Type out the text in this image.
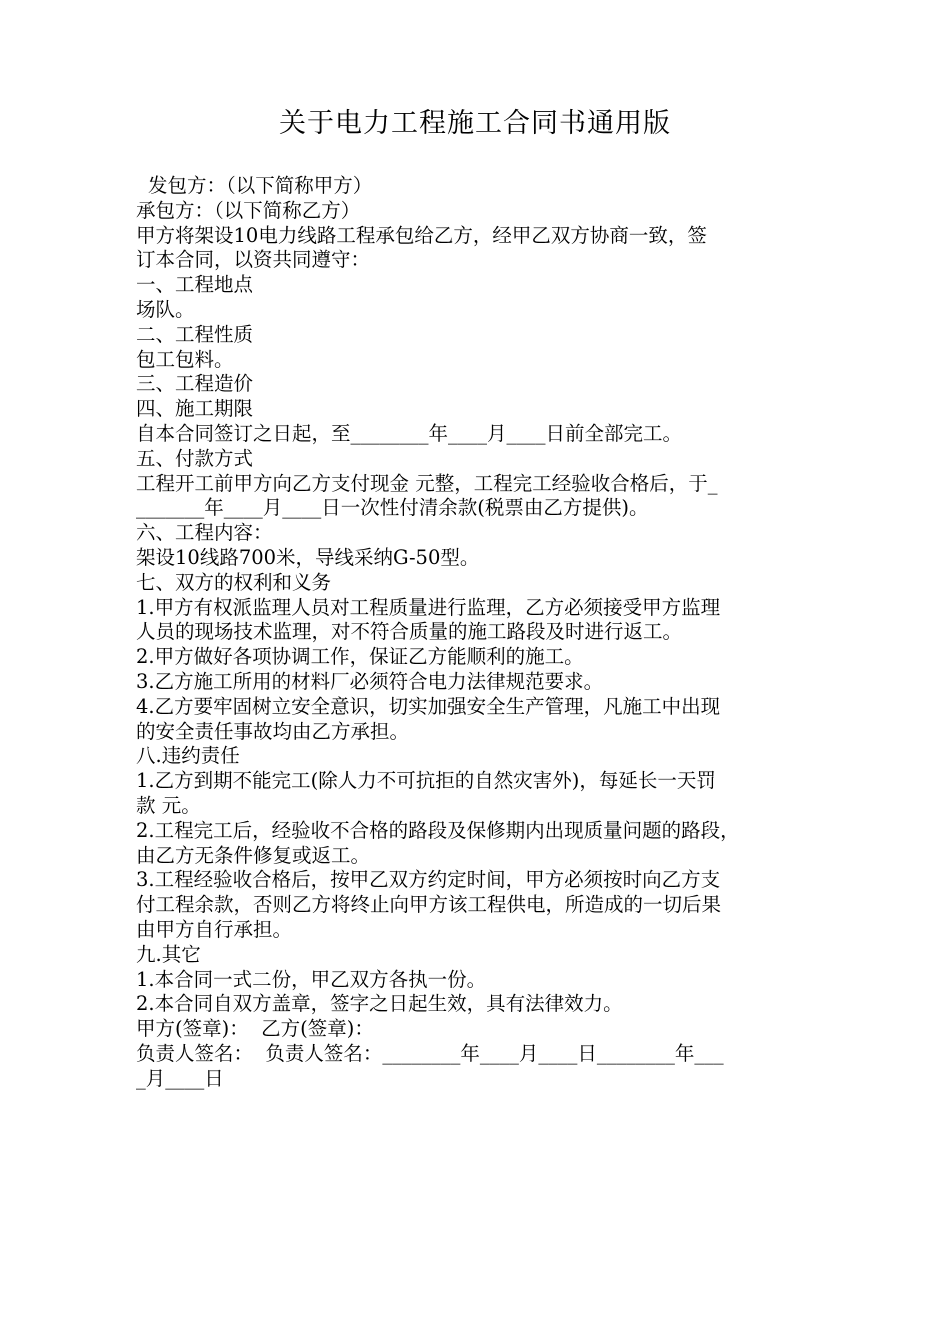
关于电力工程施工合同书通用版
发包方：（以下简称甲方）
承包方：（以下简称乙方）
甲方将架设10电力线路工程承包给乙方，经甲乙双方协商一致，签
订本合同，以资共同遵守：
一、工程地点
场队。
二、工程性质
包工包料。
三、工程造价
四、施工期限
自本合同签订之日起，至________年____月____日前全部完工。
五、付款方式
工程开工前甲方向乙方支付现金 元整，工程完工经验收合格后，于_
_______年____月____日一次性付清余款(税票由乙方提供)。
六、工程内容：
架设10线路700米，导线采纳G-50型。
七、双方的权利和义务
1.甲方有权派监理人员对工程质量进行监理，乙方必须接受甲方监理
人员的现场技术监理，对不符合质量的施工路段及时进行返工。
2.甲方做好各项协调工作，保证乙方能顺利的施工。
3.乙方施工所用的材料厂必须符合电力法律规范要求。
4.乙方要牢固树立安全意识，切实加强安全生产管理，凡施工中出现
的安全责任事故均由乙方承担。
八.违约责任
1.乙方到期不能完工(除人力不可抗拒的自然灾害外)，每延长一天罚
款 元。
2.工程完工后，经验收不合格的路段及保修期内出现质量问题的路段，
由乙方无条件修复或返工。
3.工程经验收合格后，按甲乙双方约定时间，甲方必须按时向乙方支
付工程余款，否则乙方将终止向甲方该工程供电，所造成的一切后果
由甲方自行承担。
九.其它
1.本合同一式二份，甲乙双方各执一份。
2.本合同自双方盖章，签字之日起生效，具有法律效力。
甲方(签章)：  乙方(签章)：
负责人签名：  负责人签名：________年____月____日________年___
_月____日
